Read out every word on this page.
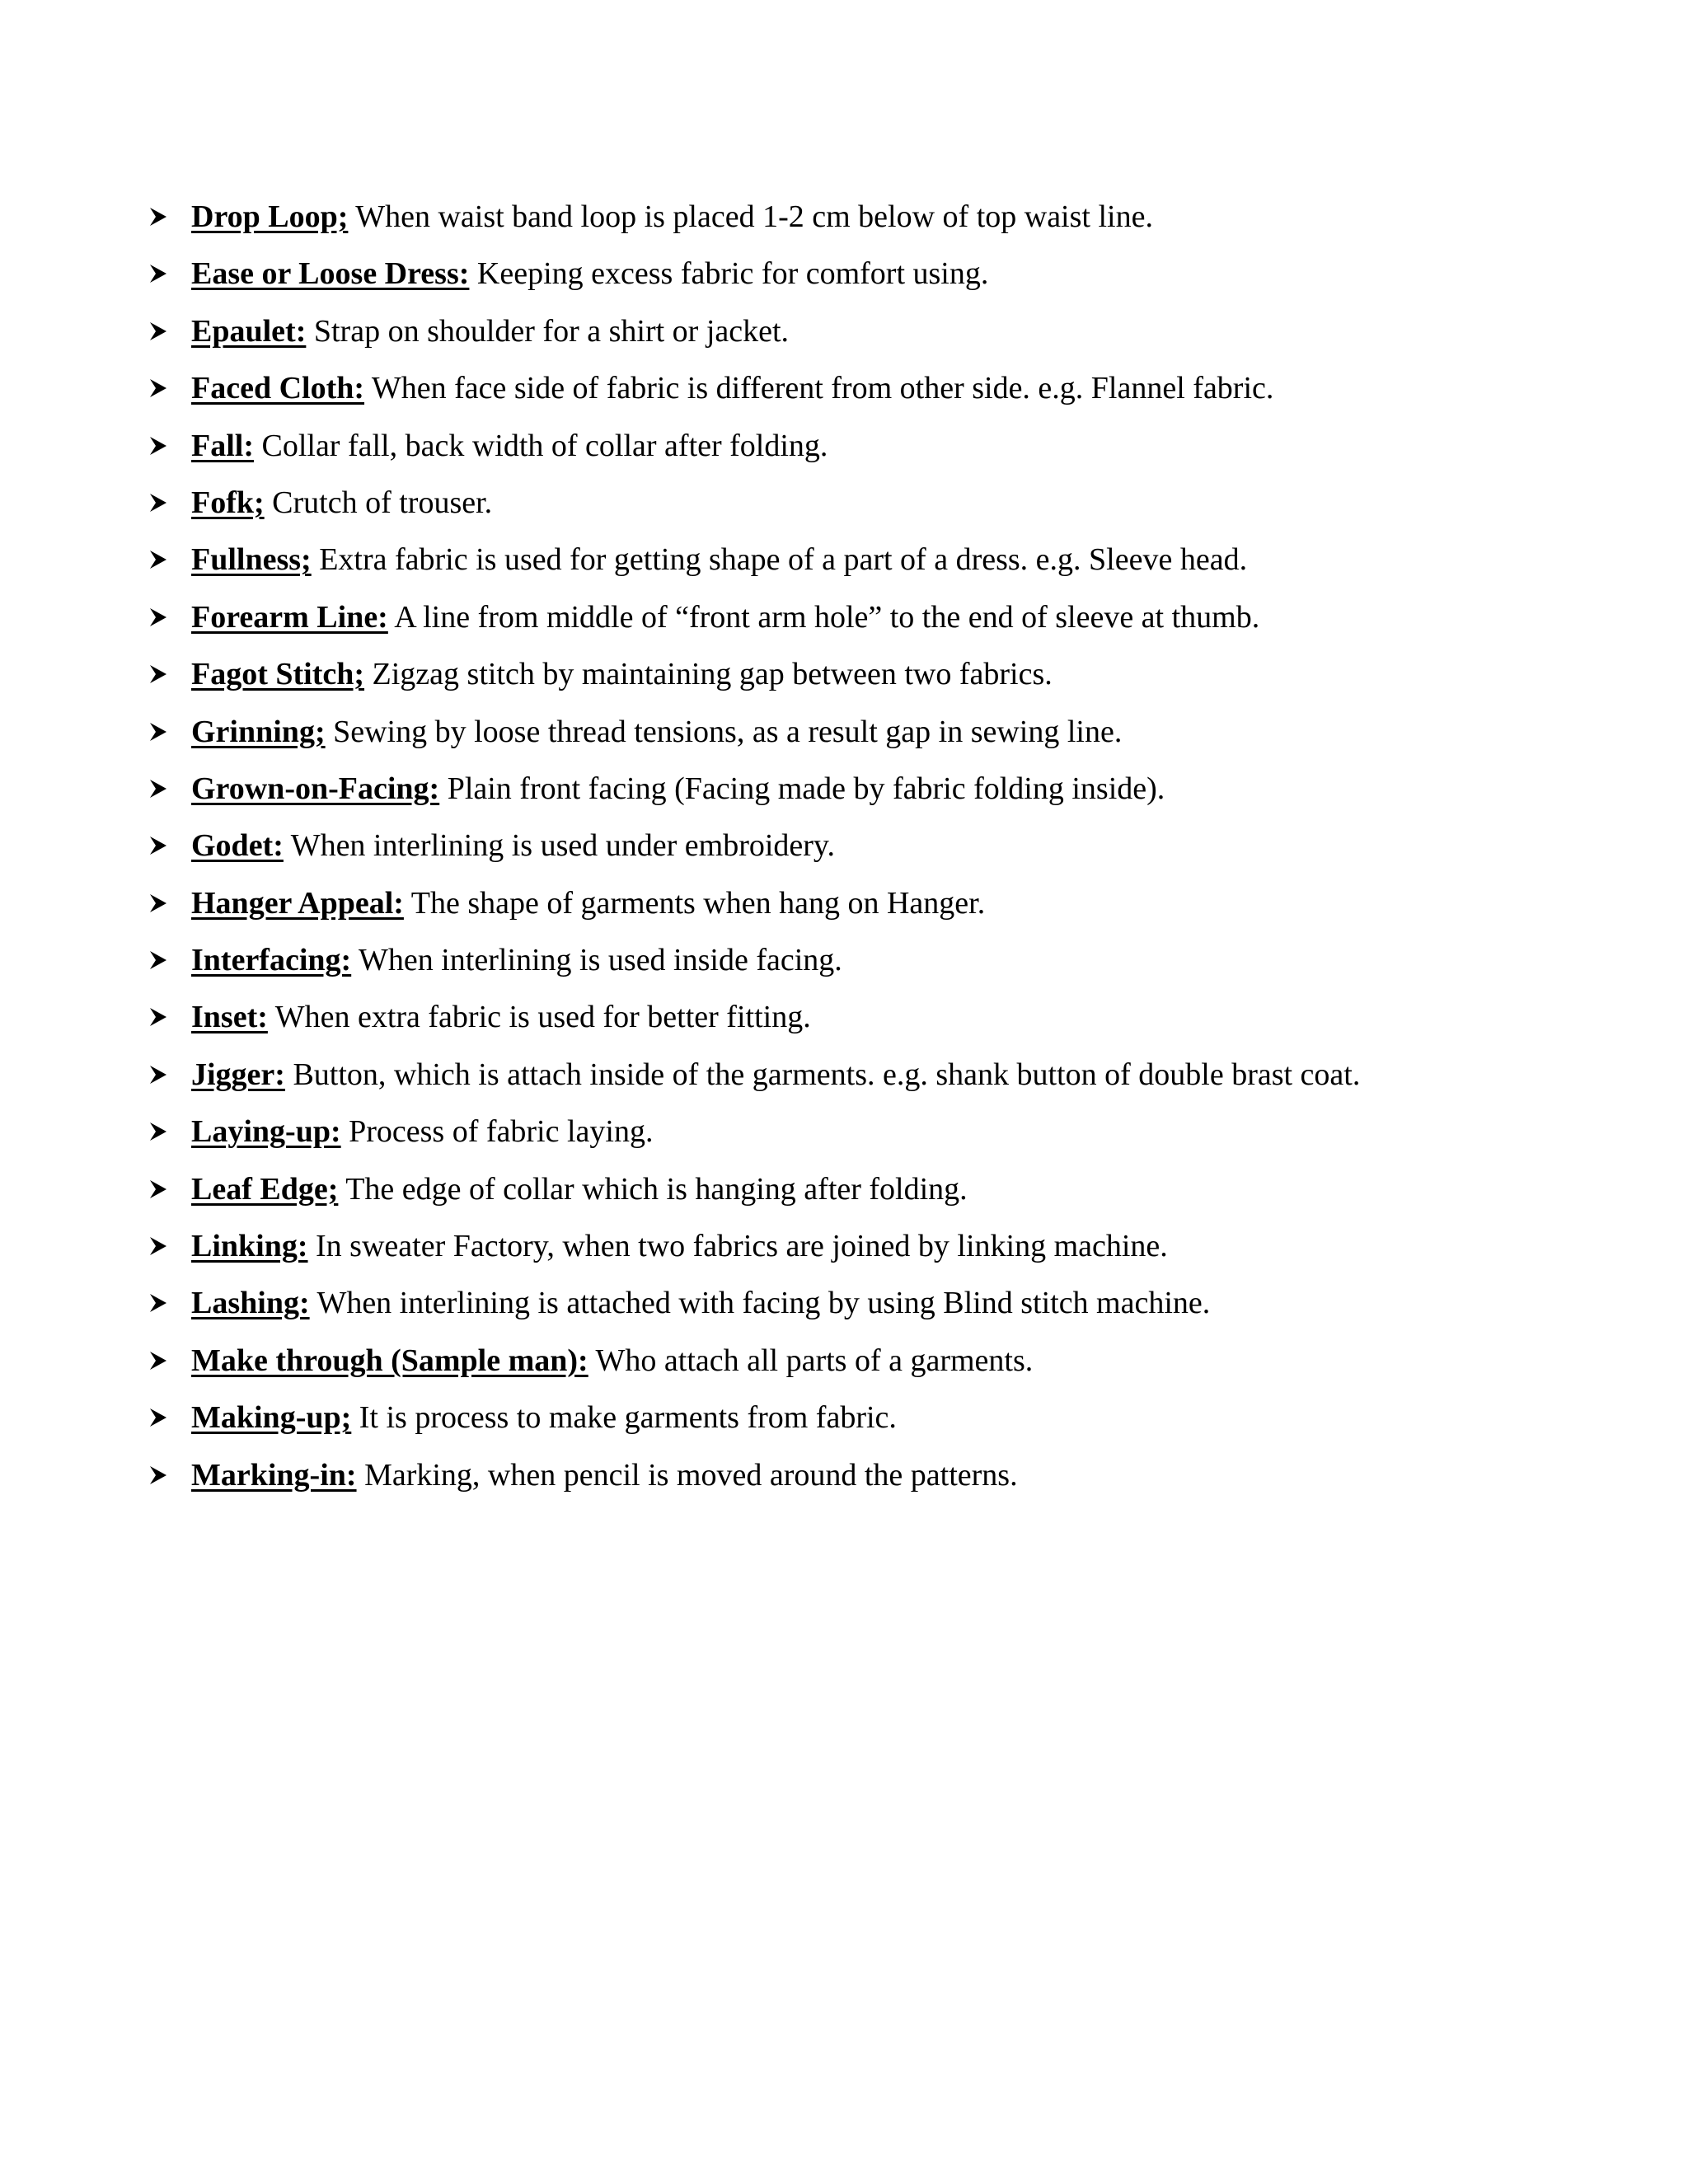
Drop Loop; When waist band loop is placed 1-2 cm below of top waist line.
Ease or Loose Dress: Keeping excess fabric for comfort using.
Epaulet: Strap on shoulder for a shirt or jacket.
Faced Cloth: When face side of fabric is different from other side. e.g. Flannel fabric.
Fall: Collar fall, back width of collar after folding.
Fofk; Crutch of trouser.
Fullness; Extra fabric is used for getting shape of a part of a dress. e.g. Sleeve head.
Forearm Line: A line from middle of “front arm hole” to the end of sleeve at thumb.
Fagot Stitch; Zigzag stitch by maintaining gap between two fabrics.
Grinning; Sewing by loose thread tensions, as a result gap in sewing line.
Grown-on-Facing: Plain front facing (Facing made by fabric folding inside).
Godet: When interlining is used under embroidery.
Hanger Appeal: The shape of garments when hang on Hanger.
Interfacing: When interlining is used inside facing.
Inset: When extra fabric is used for better fitting.
Jigger: Button, which is attach inside of the garments. e.g. shank button of double brast coat.
Laying-up: Process of fabric laying.
Leaf Edge; The edge of collar which is hanging after folding.
Linking: In sweater Factory, when two fabrics are joined by linking machine.
Lashing: When interlining is attached with facing by using Blind stitch machine.
Make through (Sample man): Who attach all parts of a garments.
Making-up; It is process to make garments from fabric.
Marking-in: Marking, when pencil is moved around the patterns.
